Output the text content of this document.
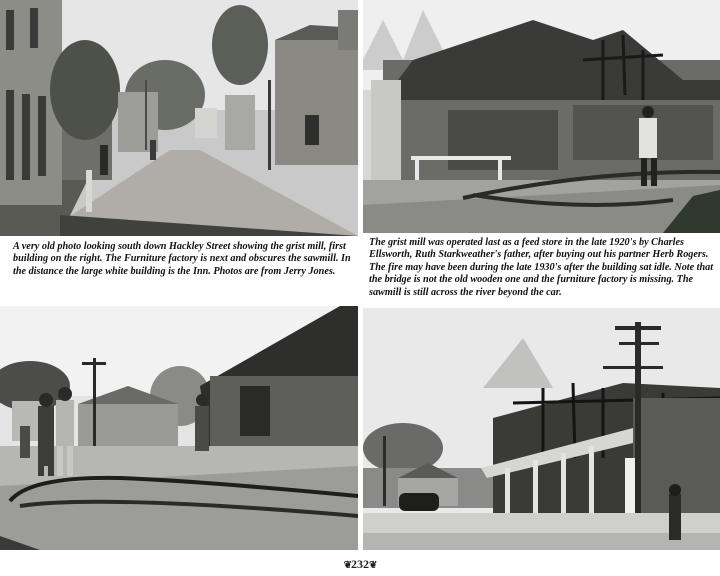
A very old photo looking south down Hackley Street showing the grist mill, first building on the right. The Furniture factory is next and obscures the sawmill. In the distance the large white building is the Inn. Photos are from Jerry Jones.

The grist mill was operated last as a feed store in the late 1920's by Charles Ellsworth, Ruth Starkweather's father, after buying out his partner Herb Rogers. The fire may have been during the late 1930's after the building sat idle. Note that the bridge is not the old wooden one and the furniture factory is missing. The sawmill is still across the river beyond the car.

❦232❦
